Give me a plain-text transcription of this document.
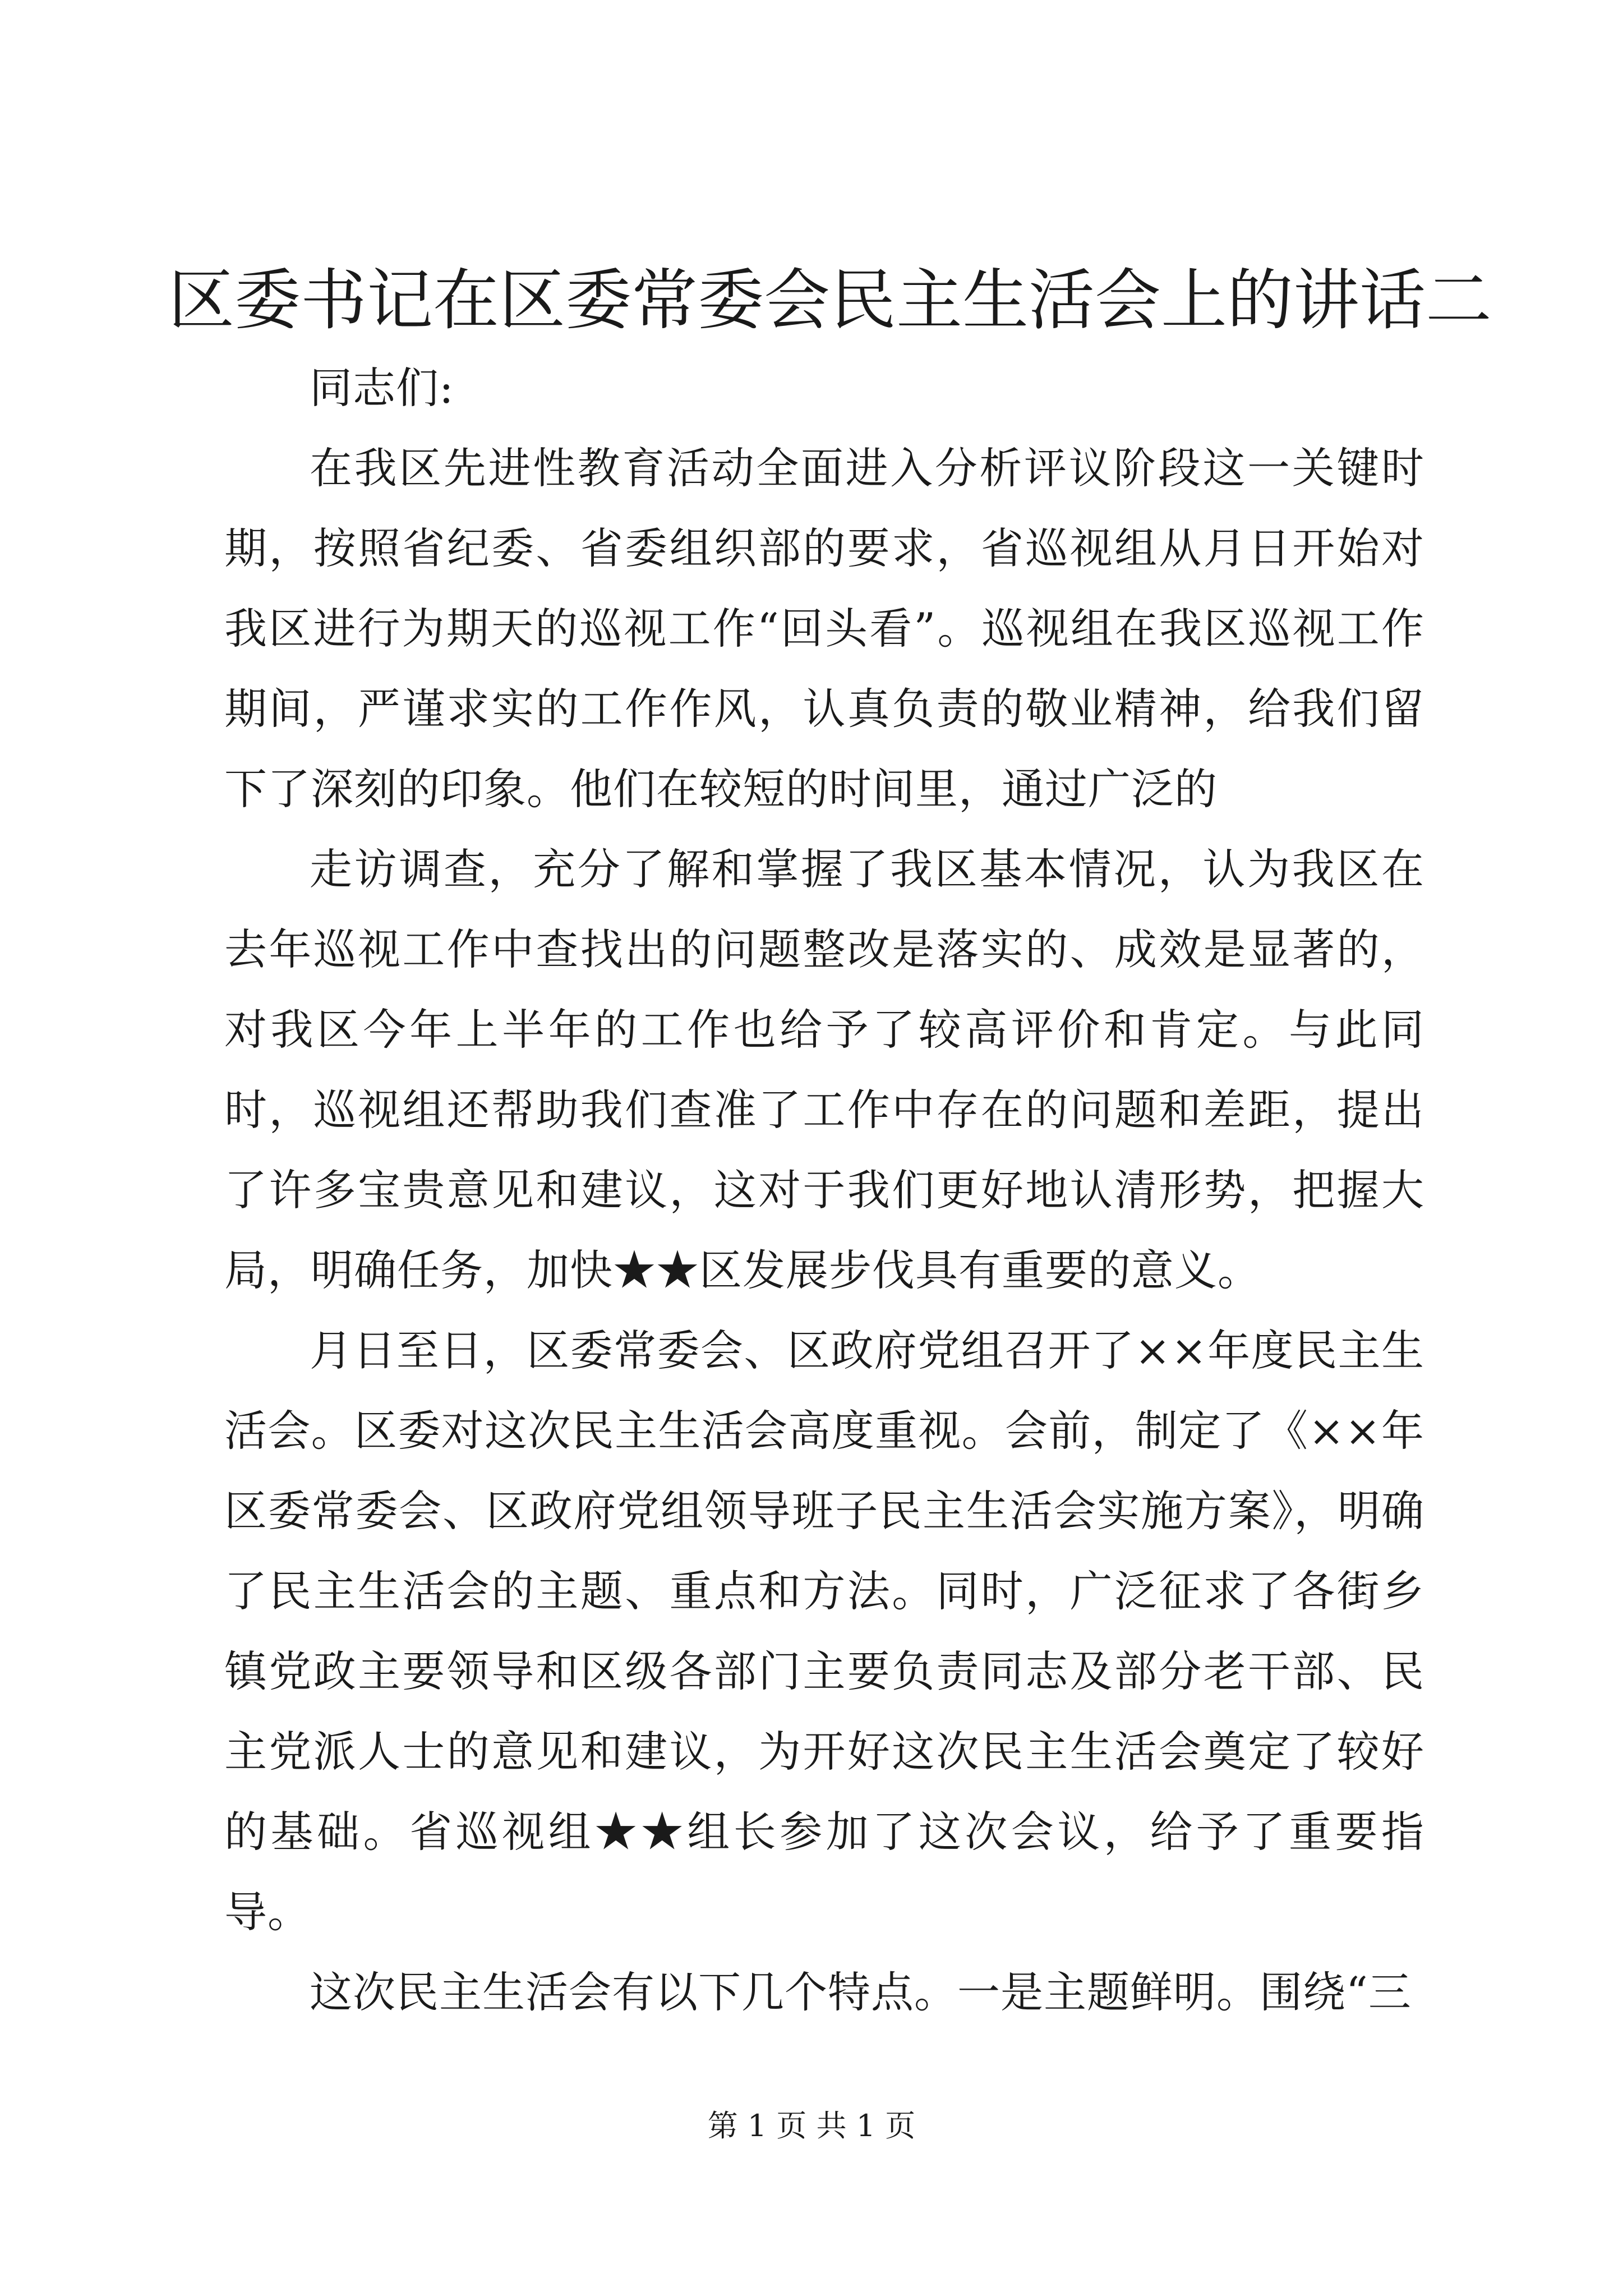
区委书记在区委常委会民主生活会上的讲话二

同志们:

在我区先进性教育活动全面进入分析评议阶段这一关键时期，按照省纪委、省委组织部的要求，省巡视组从月日开始对我区进行为期天的巡视工作“回头看”。巡视组在我区巡视工作期间，严谨求实的工作作风，认真负责的敬业精神，给我们留下了深刻的印象。他们在较短的时间里，通过广泛的

走访调查，充分了解和掌握了我区基本情况，认为我区在去年巡视工作中查找出的问题整改是落实的、成效是显著的，对我区今年上半年的工作也给予了较高评价和肯定。与此同时，巡视组还帮助我们查准了工作中存在的问题和差距，提出了许多宝贵意见和建议，这对于我们更好地认清形势，把握大局，明确任务，加快★★区发展步伐具有重要的意义。

月日至日，区委常委会、区政府党组召开了××年度民主生活会。区委对这次民主生活会高度重视。会前，制定了《××年区委常委会、区政府党组领导班子民主生活会实施方案》，明确了民主生活会的主题、重点和方法。同时，广泛征求了各街乡镇党政主要领导和区级各部门主要负责同志及部分老干部、民主党派人士的意见和建议，为开好这次民主生活会奠定了较好的基础。省巡视组★★组长参加了这次会议，给予了重要指导。

这次民主生活会有以下几个特点。一是主题鲜明。围绕“三

第 1 页 共 1 页
